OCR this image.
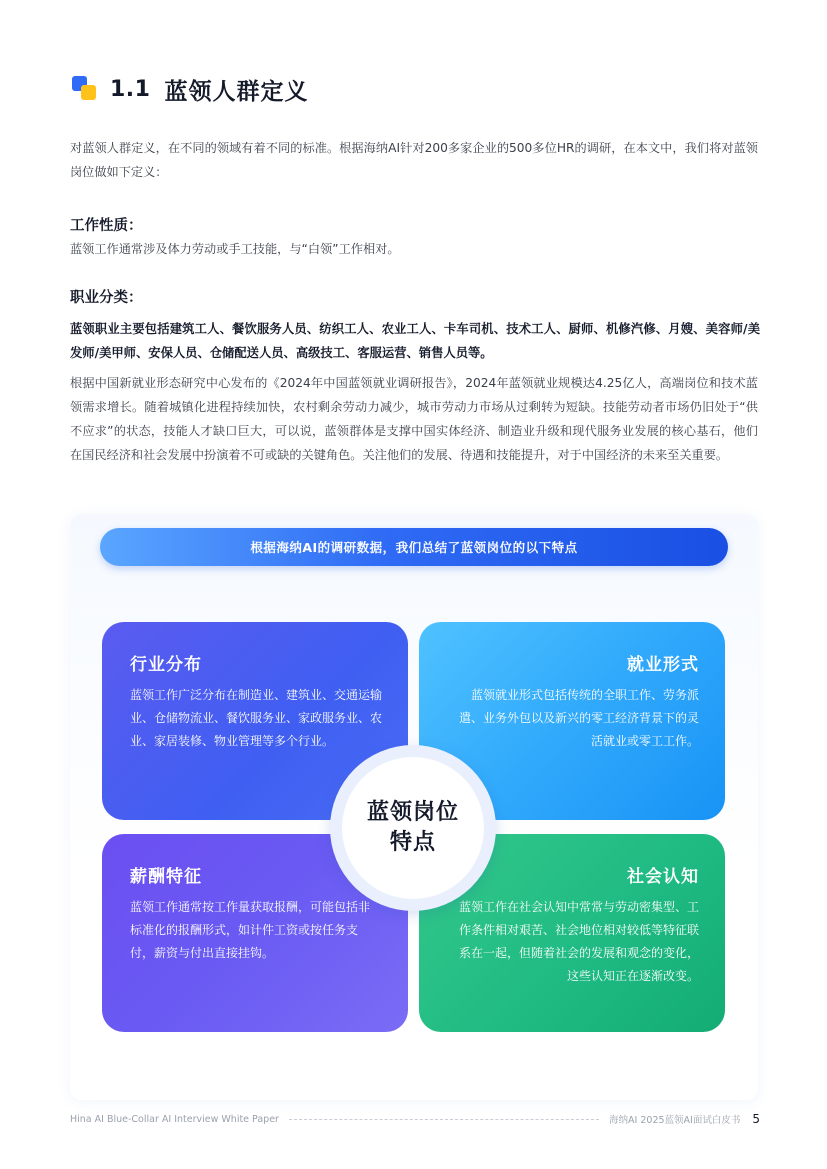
1.1 蓝领人群定义

对蓝领人群定义，在不同的领域有着不同的标准。根据海纳AI针对200多家企业的500多位HR的调研，在本文中，我们将对蓝领岗位做如下定义：

工作性质：

蓝领工作通常涉及体力劳动或手工技能，与“白领”工作相对。

职业分类：

蓝领职业主要包括建筑工人、餐饮服务人员、纺织工人、农业工人、卡车司机、技术工人、厨师、机修汽修、月嫂、美容师/美发师/美甲师、安保人员、仓储配送人员、高级技工、客服运营、销售人员等。

根据中国新就业形态研究中心发布的《2024年中国蓝领就业调研报告》，2024年蓝领就业规模达4.25亿人，高端岗位和技术蓝领需求增长。随着城镇化进程持续加快，农村剩余劳动力减少，城市劳动力市场从过剩转为短缺。技能劳动者市场仍旧处于“供不应求”的状态，技能人才缺口巨大，可以说，蓝领群体是支撑中国实体经济、制造业升级和现代服务业发展的核心基石，他们在国民经济和社会发展中扮演着不可或缺的关键角色。关注他们的发展、待遇和技能提升，对于中国经济的未来至关重要。

根据海纳AI的调研数据，我们总结了蓝领岗位的以下特点
行业分布
蓝领工作广泛分布在制造业、建筑业、交通运输业、仓储物流业、餐饮服务业、家政服务业、农业、家居装修、物业管理等多个行业。
就业形式
蓝领就业形式包括传统的全职工作、劳务派遣、业务外包以及新兴的零工经济背景下的灵活就业或零工工作。
薪酬特征
蓝领工作通常按工作量获取报酬，可能包括非标准化的报酬形式，如计件工资或按任务支付，薪资与付出直接挂钩。
社会认知
蓝领工作在社会认知中常常与劳动密集型、工作条件相对艰苦、社会地位相对较低等特征联系在一起，但随着社会的发展和观念的变化，这些认知正在逐渐改变。
蓝领岗位
特点
Hina AI Blue-Collar AI Interview White Paper	海纳AI 2025蓝领AI面试白皮书 5
